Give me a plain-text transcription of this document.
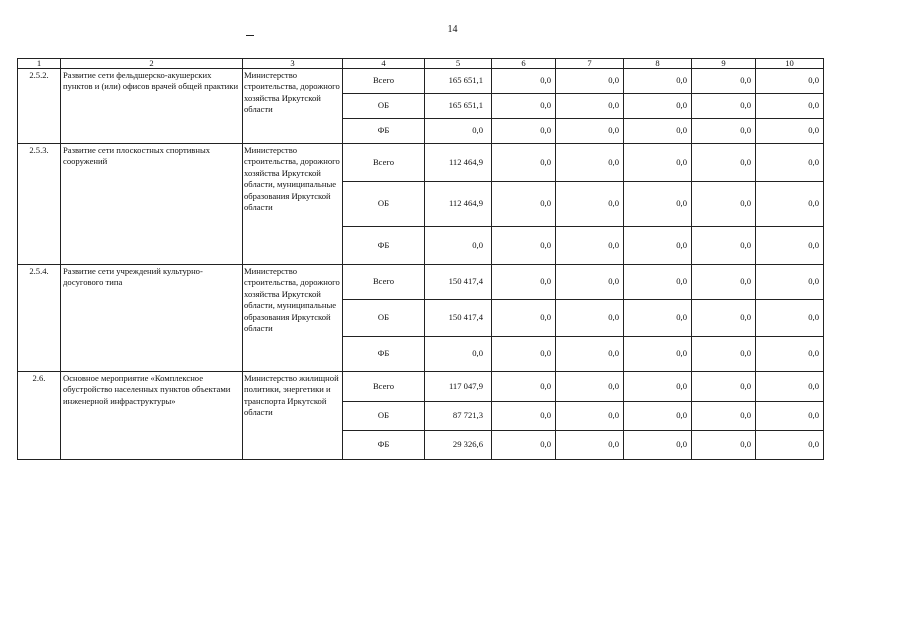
14
1	2	3	4	5	6	7	8	9	10
2.5.2.	Развитие сети фельдшерско-акушерских пунктов и (или) офисов врачей общей практики	Министерство строительства, дорожного хозяйства Иркутской области	Всего	165 651,1	0,0	0,0	0,0	0,0	0,0
			ОБ	165 651,1	0,0	0,0	0,0	0,0	0,0
			ФБ	0,0	0,0	0,0	0,0	0,0	0,0
2.5.3.	Развитие сети плоскостных спортивных сооружений	Министерство строительства, дорожного хозяйства Иркутской области, муниципальные образования Иркутской области	Всего	112 464,9	0,0	0,0	0,0	0,0	0,0
			ОБ	112 464,9	0,0	0,0	0,0	0,0	0,0
			ФБ	0,0	0,0	0,0	0,0	0,0	0,0
2.5.4.	Развитие сети учреждений культурно-досугового типа	Министерство строительства, дорожного хозяйства Иркутской области, муниципальные образования Иркутской области	Всего	150 417,4	0,0	0,0	0,0	0,0	0,0
			ОБ	150 417,4	0,0	0,0	0,0	0,0	0,0
			ФБ	0,0	0,0	0,0	0,0	0,0	0,0
2.6.	Основное мероприятие «Комплексное обустройство населенных пунктов объектами инженерной инфраструктуры»	Министерство жилищной политики, энергетики и транспорта Иркутской области	Всего	117 047,9	0,0	0,0	0,0	0,0	0,0
			ОБ	87 721,3	0,0	0,0	0,0	0,0	0,0
			ФБ	29 326,6	0,0	0,0	0,0	0,0	0,0
